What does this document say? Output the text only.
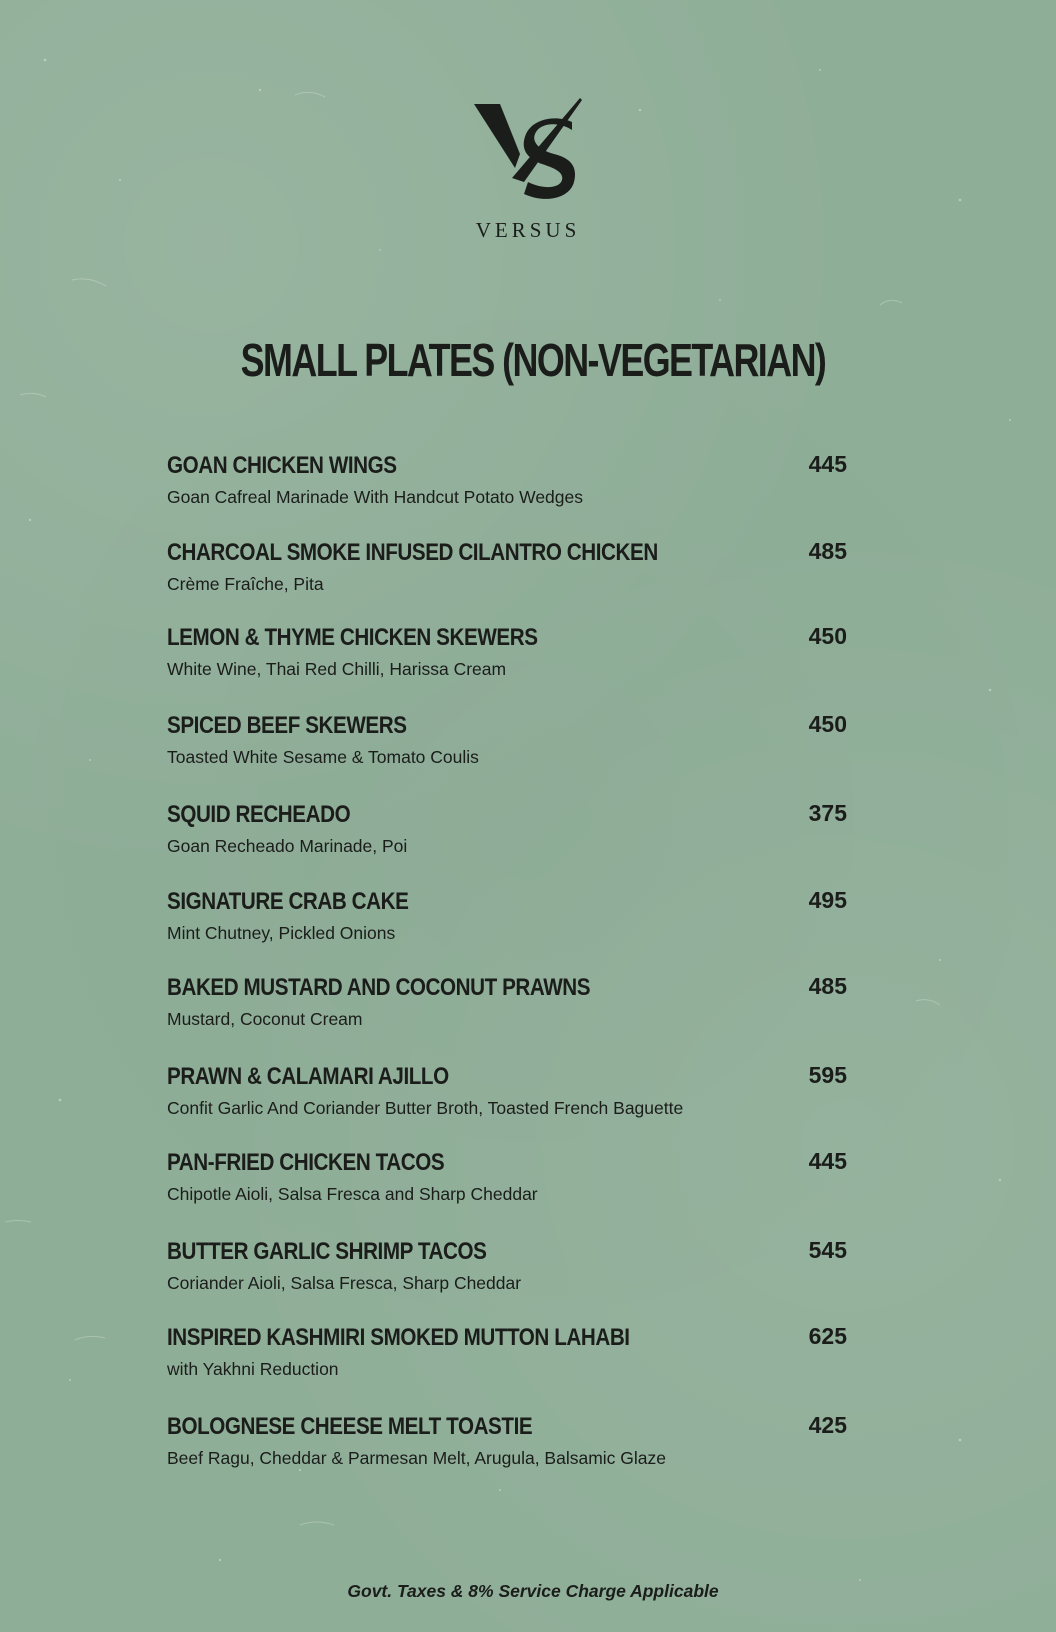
VERSUS
SMALL PLATES (NON-VEGETARIAN)
GOAN CHICKEN WINGS
Goan Cafreal Marinade With Handcut Potato Wedges
445
CHARCOAL SMOKE INFUSED CILANTRO CHICKEN
Crème Fraîche, Pita
485
LEMON & THYME CHICKEN SKEWERS
White Wine, Thai Red Chilli, Harissa Cream
450
SPICED BEEF SKEWERS
Toasted White Sesame & Tomato Coulis
450
SQUID RECHEADO
Goan Recheado Marinade, Poi
375
SIGNATURE CRAB CAKE
Mint Chutney, Pickled Onions
495
BAKED MUSTARD AND COCONUT PRAWNS
Mustard, Coconut Cream
485
PRAWN & CALAMARI AJILLO
Confit Garlic And Coriander Butter Broth, Toasted French Baguette
595
PAN-FRIED CHICKEN TACOS
Chipotle Aioli, Salsa Fresca and Sharp Cheddar
445
BUTTER GARLIC SHRIMP TACOS
Coriander Aioli, Salsa Fresca, Sharp Cheddar
545
INSPIRED KASHMIRI SMOKED MUTTON LAHABI
with Yakhni Reduction
625
BOLOGNESE CHEESE MELT TOASTIE
Beef Ragu, Cheddar & Parmesan Melt, Arugula, Balsamic Glaze
425
Govt. Taxes & 8% Service Charge Applicable
